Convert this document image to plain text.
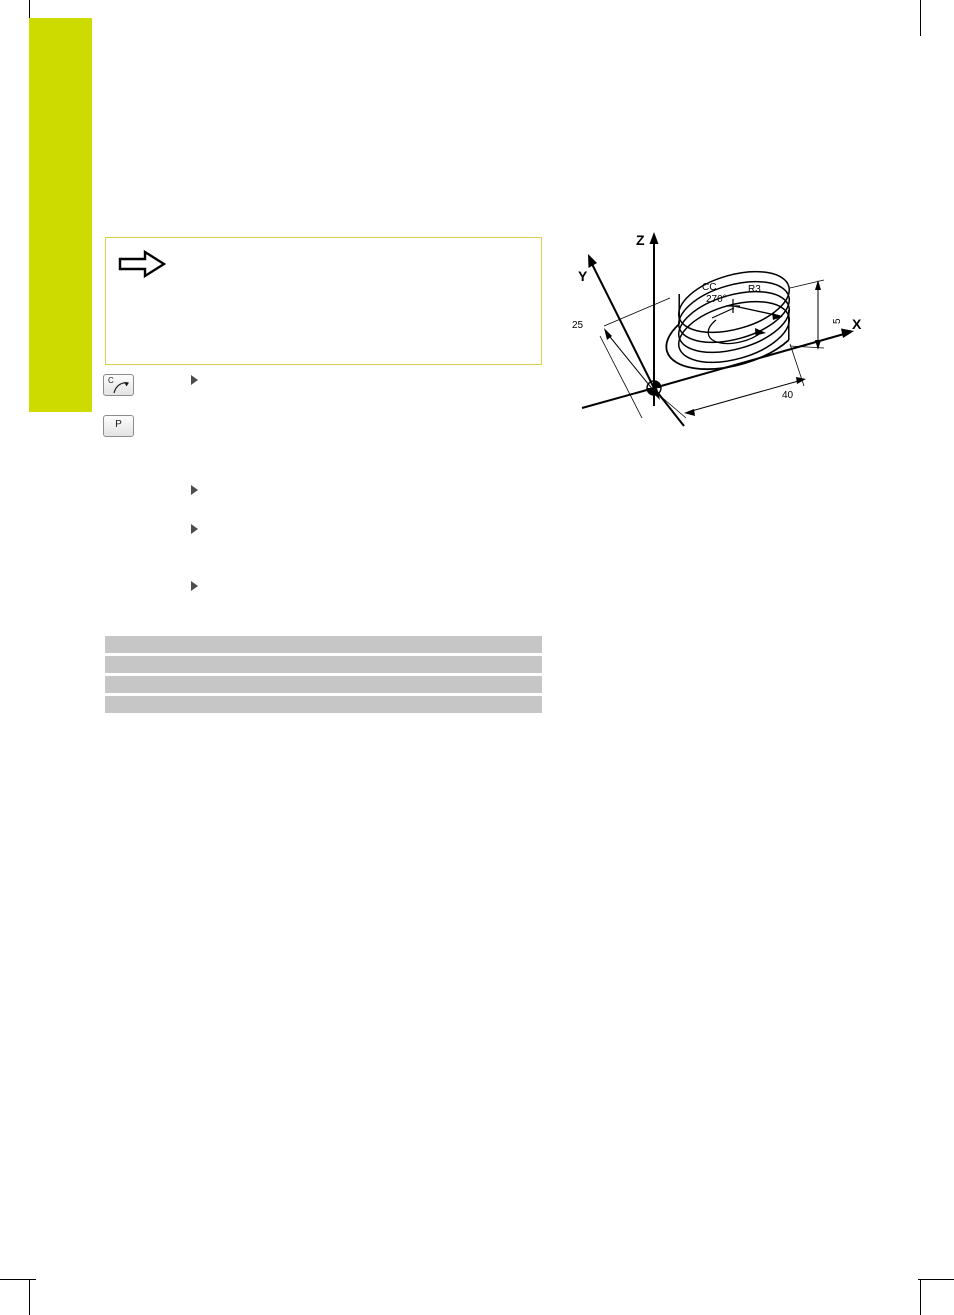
C
P
Z
Y
X
CC	R3
270°
5
25
40
